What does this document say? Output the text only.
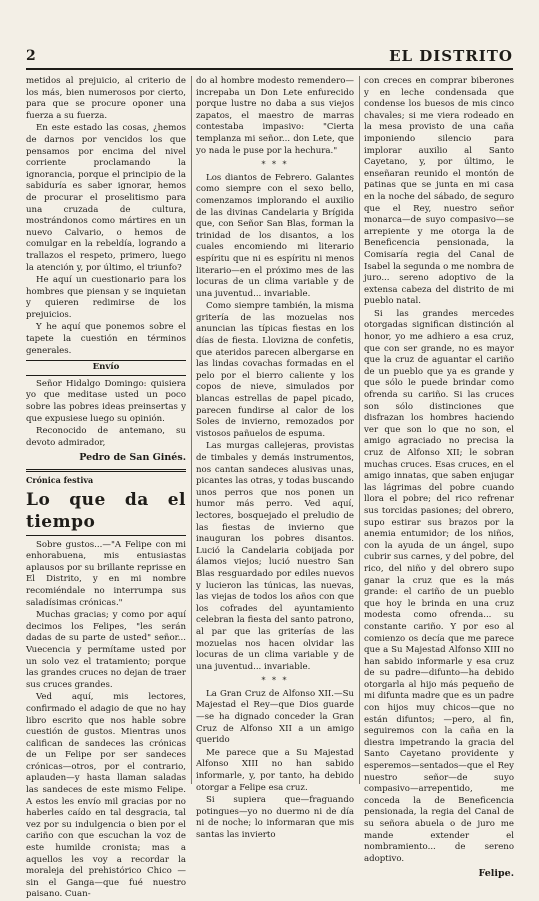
2	EL DISTRITO

metidos al prejuicio, al criterio de los más, bien numerosos por cierto, para que se procure oponer una fuerza a su fuerza.

En este estado las cosas, ¿hemos de darnos por vencidos los que pensamos por encima del nivel corriente proclamando la ignorancia, porque el principio de la sabiduría es saber ignorar, hemos de procurar el proselitismo para una cruzada de cultura, mostrándonos como mártires en un nuevo Calvario, o hemos de comulgar en la rebeldía, logrando a trallazos el respeto, primero, luego la atención y, por último, el triunfo?

He aquí un cuestionario para los hombres que piensan y se inquietan y quieren redimirse de los prejuicios.

Y he aquí que ponemos sobre el tapete la cuestión en términos generales.

Envío

Señor Hidalgo Domingo: quisiera yo que meditase usted un poco sobre las pobres ideas preinsertas y que expusiese luego su opinión.

Reconocido de antemano, su devoto admirador,

Pedro de San Ginés.

Crónica festiva

Lo que da el tiempo

Sobre gustos...—"A Felipe con mi enhorabuena, mis entusiastas aplausos por su brillante reprisse en El Distrito, y en mi nombre recomiéndale no interrumpa sus saladísimas crónicas."

Muchas gracias; y como por aquí decimos los Felipes, "les serán dadas de su parte de usted" señor... Vuecencia y permítame usted por un solo vez el tratamiento; porque las grandes cruces no dejan de traer sus cruces grandes.

Ved aquí, mis lectores, confirmado el adagio de que no hay libro escrito que nos hable sobre cuestión de gustos. Mientras unos califican de sandeces las crónicas de un Felipe por ser sandeces crónicas—otros, por el contrario, aplauden—y hasta llaman saladas las sandeces de este mismo Felipe. A estos les envío mil gracias por no haberles caído en tal desgracia, tal vez por su indulgencia o bien por el cariño con que escuchan la voz de este humilde cronista; mas a aquellos les voy a recordar la moraleja del prehistórico Chico —sin el Ganga—que fué nuestro paisano. Cuan-

do al hombre modesto remendero—increpaba un Don Lete enfurecido porque lustre no daba a sus viejos zapatos, el maestro de marras contestaba impasivo: "Cierta templanza mi señor... don Lete, que yo nada le puse por la hechura."

* * *

Los diantos de Febrero. Galantes como siempre con el sexo bello, comenzamos implorando el auxilio de las divinas Candelaria y Brígida que, con Señor San Blas, forman la trinidad de los disantos, a los cuales encomiendo mi literario espíritu que ni es espíritu ni menos literario—en el próximo mes de las locuras de un clima variable y de una juventud... invariable.

Como siempre también, la misma gritería de las mozuelas nos anuncian las típicas fiestas en los días de fiesta. Llovizna de confetis, que ateridos parecen albergarse en las lindas covachas formadas en el pelo por el bierro caliente y los copos de nieve, simulados por blancas estrellas de papel picado, parecen fundirse al calor de los Soles de invierno, remozados por vistosos pañuelos de espuma.

Las murgas callejeras, provistas de timbales y demás instrumentos, nos cantan sandeces alusivas unas, picantes las otras, y todas buscando unos perros que nos ponen un humor más perro. Ved aquí, lectores, bosquejado el preludio de las fiestas de invierno que inauguran los pobres disantos. Lució la Candelaria cobijada por álamos viejos; lució nuestro San Blas resguardado por ediles nuevos y lucieron las túnicas, las nuevas, las viejas de todos los años con que los cofrades del ayuntamiento celebran la fiesta del santo patrono, al par que las griterías de las mozuelas nos hacen olvidar las locuras de un clima variable y de una juventud... invariable.

* * *

La Gran Cruz de Alfonso XII.—Su Majestad el Rey—que Dios guarde—se ha dignado conceder la Gran Cruz de Alfonso XII a un amigo querido

Me parece que a Su Majestad Alfonso XIII no han sabido informarle, y, por tanto, ha debido otorgar a Felipe esa cruz.

Si supiera que—fraguando potingues—yo no duermo ni de día ni de noche; lo informaran que mis santas las invierto

con creces en comprar biberones y en leche condensada que condense los buesos de mis cinco chavales; si me viera rodeado en la mesa provisto de una caña imponiendo silencio para implorar auxilio al Santo Cayetano, y, por último, le enseñaran reunido el montón de patinas que se junta en mi casa en la noche del sábado, de seguro que el Rey, nuestro señor monarca—de suyo compasivo—se arrepiente y me otorga la de Beneficencia pensionada, la Comisaría regia del Canal de Isabel la segunda o me nombra de juro... sereno adoptivo de la extensa cabeza del distrito de mi pueblo natal.

Si las grandes mercedes otorgadas significan distinción al honor, yo me adhiero a esa cruz, que con ser grande, no es mayor que la cruz de aguantar el cariño de un pueblo que ya es grande y que sólo le puede brindar como ofrenda su cariño. Si las cruces son sólo distinciones que disfrazan los hombres haciendo ver que son lo que no son, el amigo agraciado no precisa la cruz de Alfonso XII; le sobran muchas cruces. Esas cruces, en el amigo innatas, que saben enjugar las lágrimas del pobre cuando llora el pobre; del rico refrenar sus torcidas pasiones; del obrero, supo estirar sus brazos por la anemia entumidor; de los niños, con la ayuda de un ángel, supo cubrir sus carnes, y del pobre, del rico, del niño y del obrero supo ganar la cruz que es la más grande: el cariño de un pueblo que hoy le brinda en una cruz modesta como ofrenda... su constante cariño. Y por eso al comienzo os decía que me parece que a Su Majestad Alfonso XIII no han sabido informarle y esa cruz de su padre—difunto—ha debido otorgarla al hijo más pequeño de mi difunta madre que es un padre con hijos muy chicos—que no están difuntos; —pero, al fin, seguiremos con la caña en la diestra impetrando la gracia del Santo Cayetano providente y esperemos—sentados—que el Rey nuestro señor—de suyo compasivo—arrepentido, me conceda la de Beneficencia pensionada, la regia del Canal de su señora abuela o de juro me mande extender el nombramiento... de sereno adoptivo.

Felipe.
